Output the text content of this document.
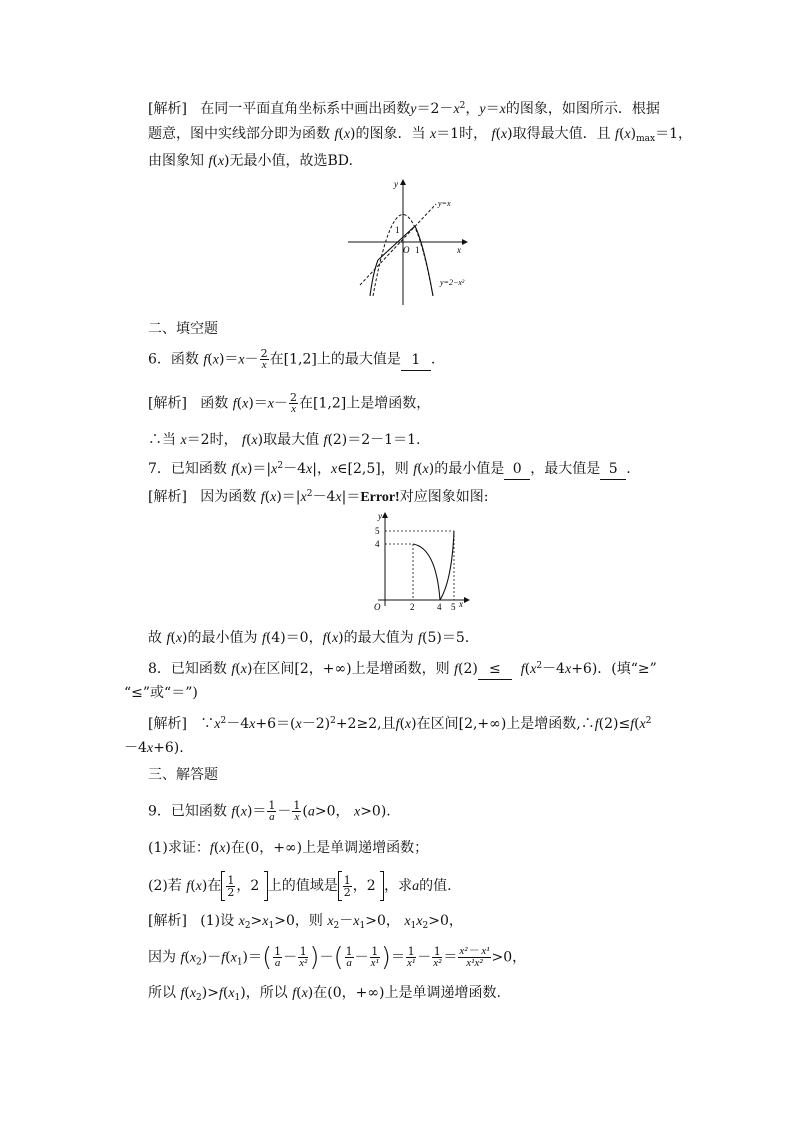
[解析] 在同一平面直角坐标系中画出函数$y=2-x^2$，y＝x的图象，如图所示．根据
题意，图中实线部分即为函数 f(x)的图象．当 x＝1时， f(x)取得最大值．且 $f(x)_{max}=1$，
由图象知 f(x)无最小值，故选BD.
y
x
1
O 1
y=x
y=2−x²
二、填空题
6．函数 $f(x)=x- \frac{2}{x}$ 在[1,2]上的最大值是 1 .
[解析] 函数 $f(x)=x- \frac{2}{x}$ 在[1,2]上是增函数，
∴当 x＝2时， f(x)取最大值 f(2)＝2－1＝1.
7．已知函数 $f(x)=|x^2-4x|$，x∈[2,5]，则 f(x)的最小值是 0 ，最大值是 5 .
[解析] 因为函数 $f(x)=|x^2-4x|=Error$!对应图象如图:
y
5
4
O	2	4 5 x
故 f(x)的最小值为 f(4)＝0，f(x)的最大值为 f(5)＝5.
8．已知函数 f(x)在区间[2，+∞)上是增函数，则 $f(2) \le f(x^2-4x+6)$．(填“≥”
“≤”或“＝”)
[解析] $\because x^2-4x+6=(x-2)^2+2\ge 2$,且f(x)在区间[2,+∞)上是增函数$,\therefore f(2)\le f(x^2$
－4x+6).
三、解答题
9．已知函数 $f(x)= \frac{1}{a} - \frac{1}{x} (a>0$， x>0).
(1)求证：f(x)在(0，+∞)上是单调递增函数；
(2)若 f(x)在 $\frac{1}{2}$ ，2 上的值域是 $\frac{1}{2}$ ，2 ，求a的值.
[解析] (1)设 $x_2>x_1>0$，则 $x_2-x_1>0$， $x_1x_2>0$，
因为 $f(x_2)-f(x_1)=( \frac{1}{a} - \frac{1}{\text{x²}}$ )－( $\frac{1}{a} - \frac{1}{\text{x¹}}$ )＝ $\frac{1}{\text{x¹}} - \frac{1}{\text{x²}} = \frac{\text{x²－ x¹}}{\text{x¹x²}} >0$，
所以 $f(x_2)>f(x_1)$，所以 f(x)在(0，+∞)上是单调递增函数.
